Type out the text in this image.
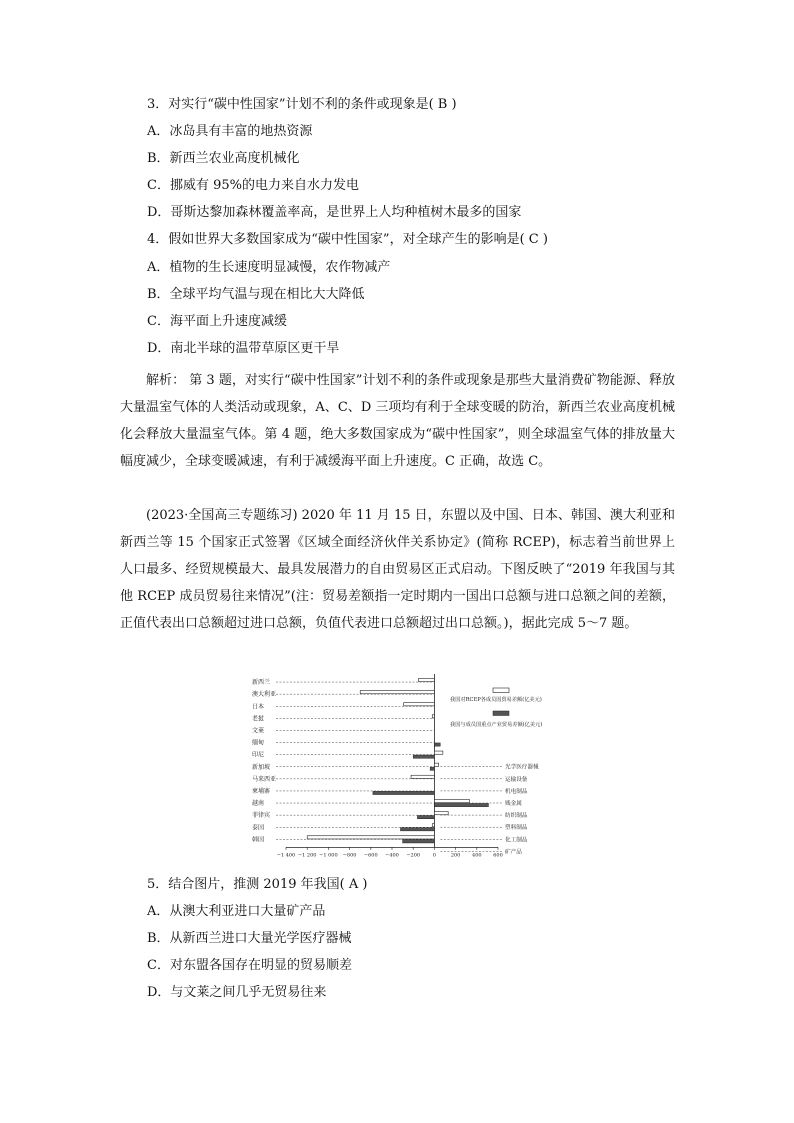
3．对实行“碳中性国家”计划不利的条件或现象是( B )
A．冰岛具有丰富的地热资源
B．新西兰农业高度机械化
C．挪威有 95%的电力来自水力发电
D．哥斯达黎加森林覆盖率高，是世界上人均种植树木最多的国家
4．假如世界大多数国家成为“碳中性国家”，对全球产生的影响是( C )
A．植物的生长速度明显减慢，农作物减产
B．全球平均气温与现在相比大大降低
C．海平面上升速度减缓
D．南北半球的温带草原区更干旱
解析： 第 3 题，对实行“碳中性国家”计划不利的条件或现象是那些大量消费矿物能源、释放大量温室气体的人类活动或现象，A、C、D 三项均有利于全球变暖的防治，新西兰农业高度机械化会释放大量温室气体。第 4 题，绝大多数国家成为“碳中性国家”，则全球温室气体的排放量大幅度减少，全球变暖减速，有利于减缓海平面上升速度。C 正确，故选 C。
(2023·全国高三专题练习) 2020 年 11 月 15 日，东盟以及中国、日本、韩国、澳大利亚和新西兰等 15 个国家正式签署《区域全面经济伙伴关系协定》(简称 RCEP)，标志着当前世界上人口最多、经贸规模最大、最具发展潜力的自由贸易区正式启动。下图反映了“2019 年我国与其他 RCEP 成员贸易往来情况”(注：贸易差额指一定时期内一国出口总额与进口总额之间的差额，正值代表出口总额超过进口总额，负值代表进口总额超过出口总额。)，据此完成 5～7 题。
−1 400 −1 200 −1 000 −800 −600 −400 −200	0	200 400 600
新西兰
澳大利亚
日本
老挝
文莱
缅甸
印尼
新加坡
马来西亚
柬埔寨
越南
菲律宾
泰国
韩国
我国对RCEP各成员国贸易差额(亿美元)
我国与成员国重点产业贸易差额(亿美元)
光学医疗器械
运输设备
机电制品
贱金属
纺织制品
塑料制品
化工制品
矿产品
5．结合图片，推测 2019 年我国( A )
A．从澳大利亚进口大量矿产品
B．从新西兰进口大量光学医疗器械
C．对东盟各国存在明显的贸易顺差
D．与文莱之间几乎无贸易往来
